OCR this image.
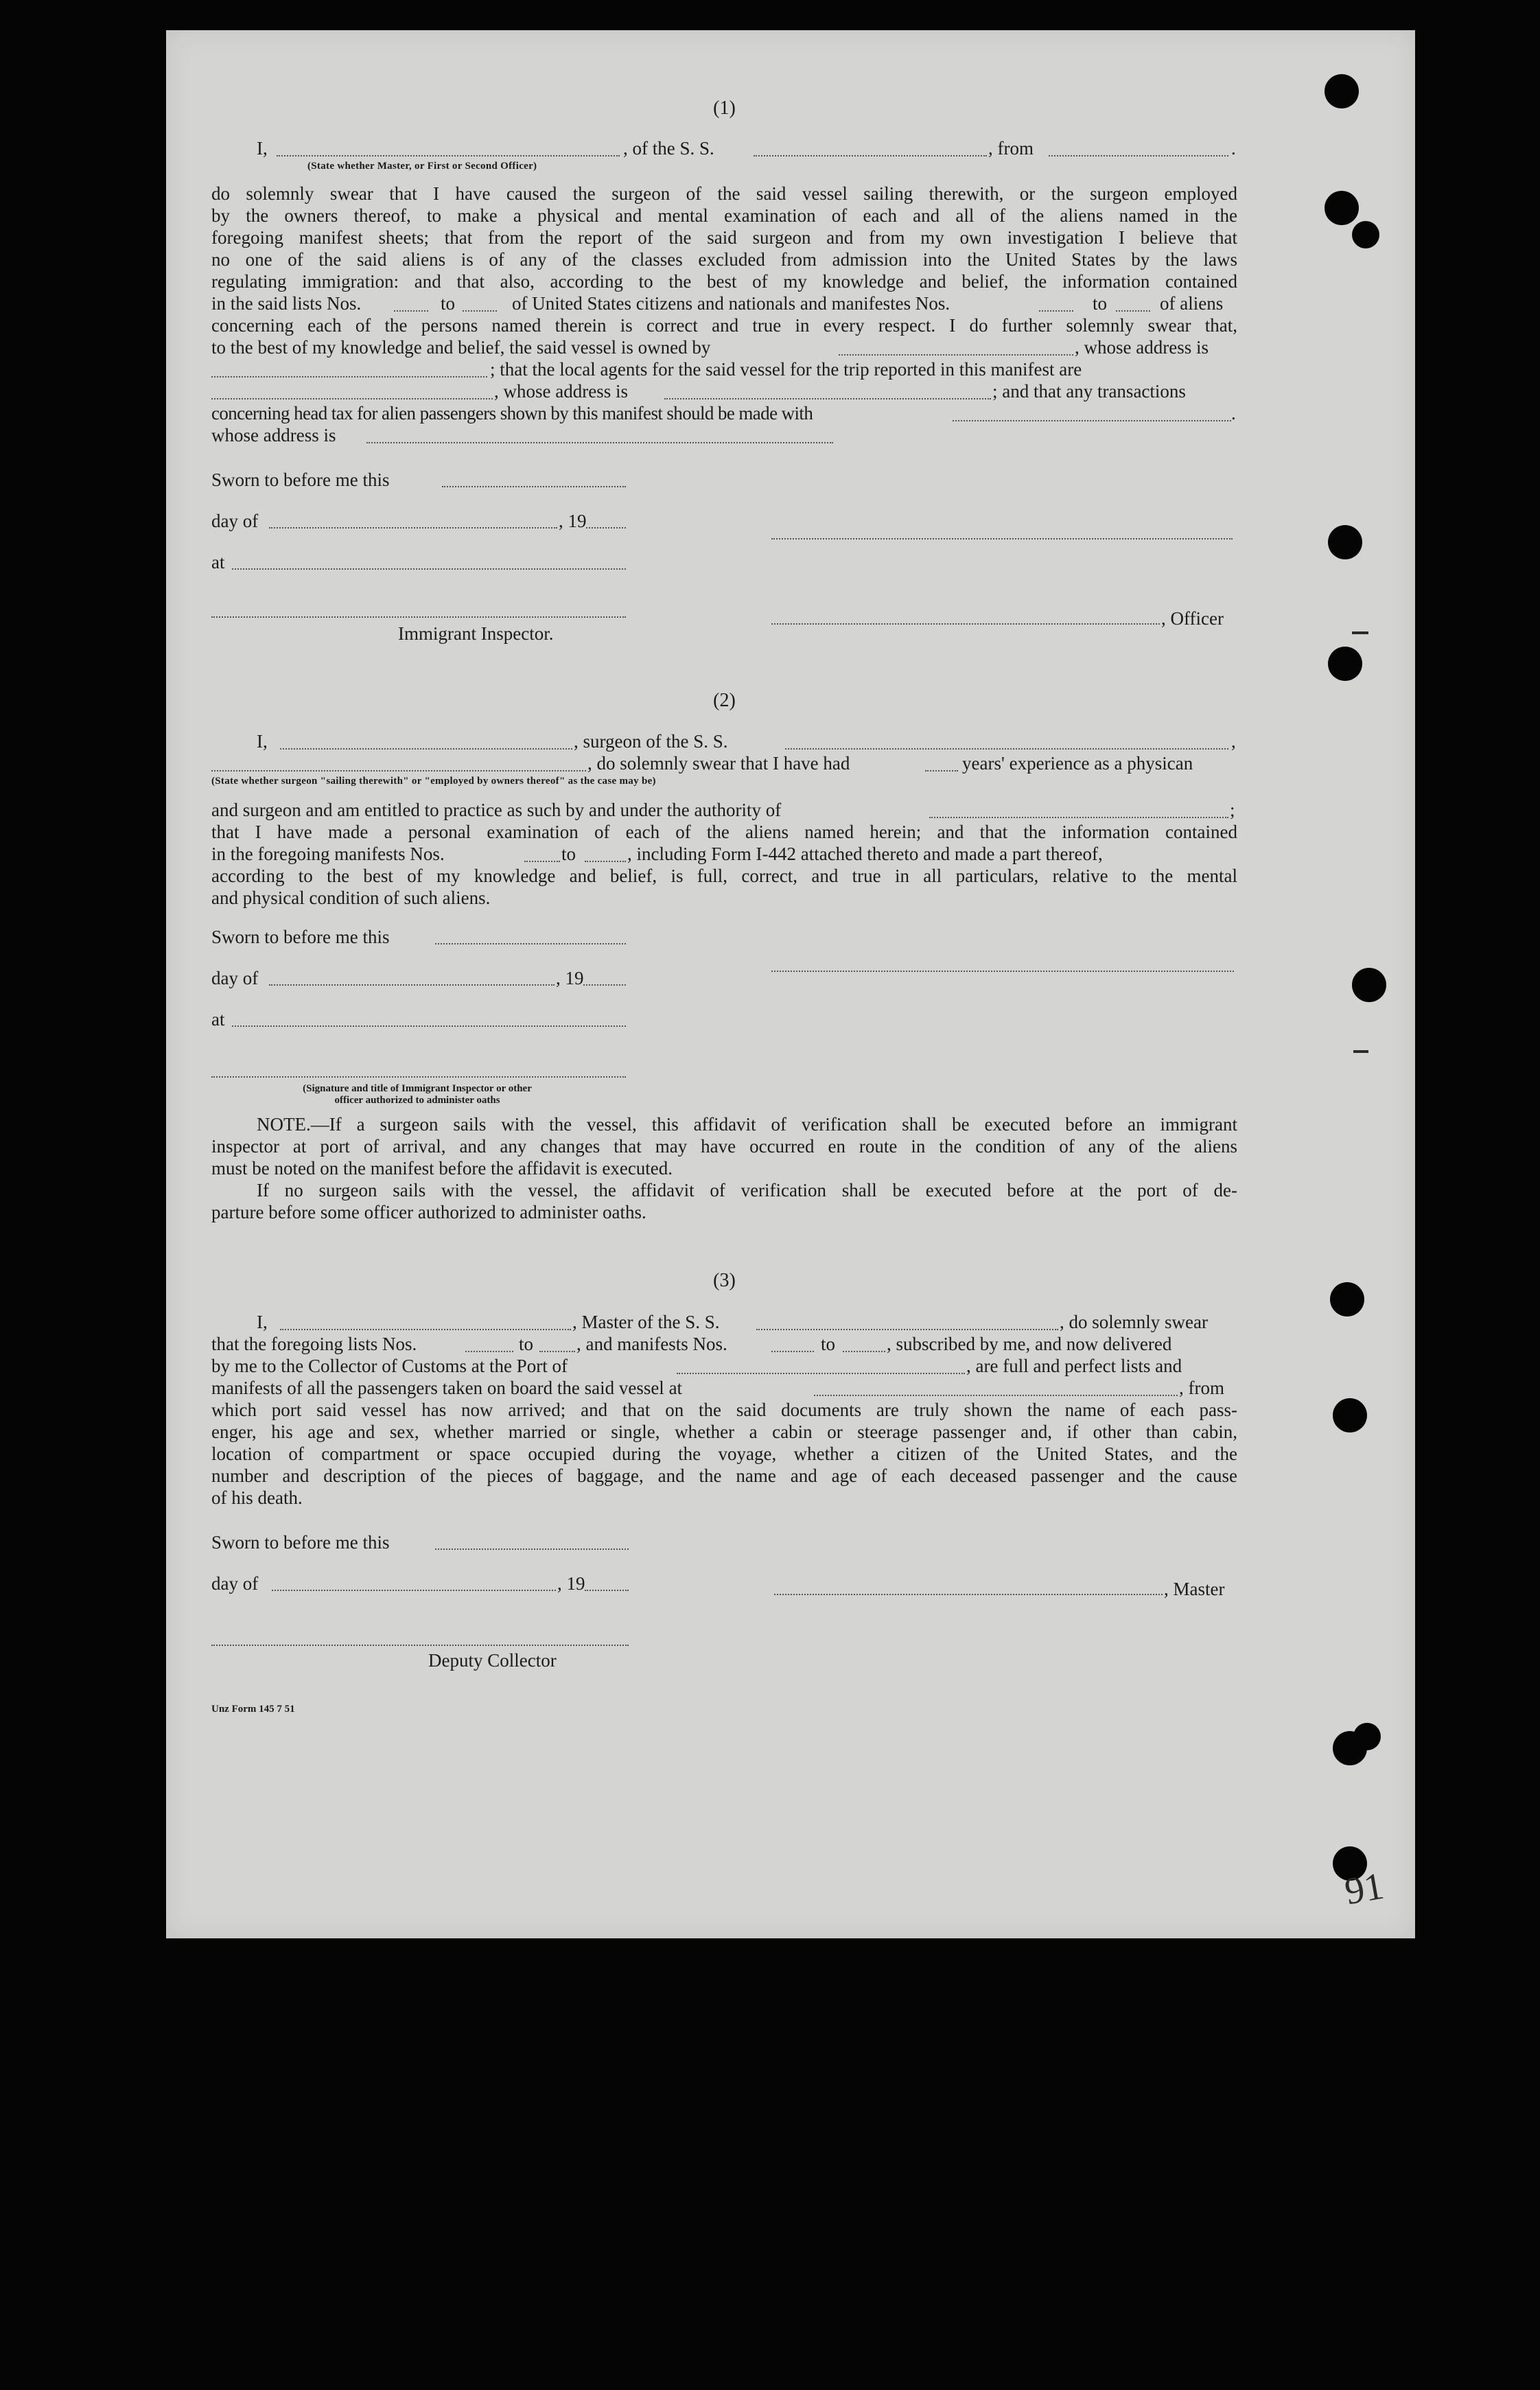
91
(1)
I,	, of the S. S.	, from	.
(State whether Master, or First or Second Officer)
do solemnly swear that I have caused the surgeon of the said vessel sailing therewith, or the surgeon employed
by the owners thereof, to make a physical and mental examination of each and all of the aliens named in the
foregoing manifest sheets; that from the report of the said surgeon and from my own investigation I believe that
no one of the said aliens is of any of the classes excluded from admission into the United States by the laws
regulating immigration: and that also, according to the best of my knowledge and belief, the information contained
in the said lists Nos.	to	of United States citizens and nationals and manifestes Nos.	to	of aliens
concerning each of the persons named therein is correct and true in every respect. I do further solemnly swear that,
to the best of my knowledge and belief, the said vessel is owned by	, whose address is
; that the local agents for the said vessel for the trip reported in this manifest are
, whose address is	; and that any transactions
concerning head tax for alien passengers shown by this manifest should be made with	.
whose address is
Sworn to before me this
day of	, 19
at
, Officer
Immigrant Inspector.
(2)
I,	, surgeon of the S. S.	,
, do solemnly swear that I have had	years' experience as a physican
(State whether surgeon "sailing therewith" or "employed by owners thereof" as the case may be)
and surgeon and am entitled to practice as such by and under the authority of	;
that I have made a personal examination of each of the aliens named herein; and that the information contained
in the foregoing manifests Nos.	to	, including Form I-442 attached thereto and made a part thereof,
according to the best of my knowledge and belief, is full, correct, and true in all particulars, relative to the mental
and physical condition of such aliens.
Sworn to before me this
day of	, 19
at
(Signature and title of Immigrant Inspector or other
officer authorized to administer oaths
NOTE.—If a surgeon sails with the vessel, this affidavit of verification shall be executed before an immigrant
inspector at port of arrival, and any changes that may have occurred en route in the condition of any of the aliens
must be noted on the manifest before the affidavit is executed.
If no surgeon sails with the vessel, the affidavit of verification shall be executed before at the port of de-
parture before some officer authorized to administer oaths.
(3)
I,	, Master of the S. S.	, do solemnly swear
that the foregoing lists Nos.	to , and manifests Nos.	to	, subscribed by me, and now delivered
by me to the Collector of Customs at the Port of	, are full and perfect lists and
manifests of all the passengers taken on board the said vessel at	, from
which port said vessel has now arrived; and that on the said documents are truly shown the name of each pass-
enger, his age and sex, whether married or single, whether a cabin or steerage passenger and, if other than cabin,
location of compartment or space occupied during the voyage, whether a citizen of the United States, and the
number and description of the pieces of baggage, and the name and age of each deceased passenger and the cause
of his death.
Sworn to before me this
day of	, 19	, Master
Deputy Collector
Unz Form 145 7 51
